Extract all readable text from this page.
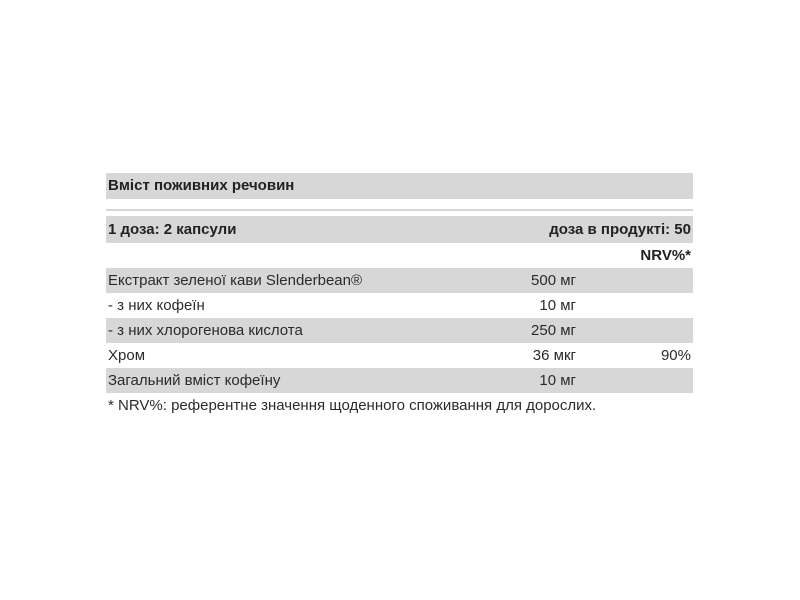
Вміст поживних речовин
1 доза: 2 капсули	доза в продукті: 50
NRV%*
Екстракт зеленої кави Slenderbean®	500 мг
- з них кофеїн	10 мг
- з них хлорогенова кислота	250 мг
Хром	36 мкг	90%
Загальний вміст кофеїну	10 мг
* NRV%: референтне значення щоденного споживання для дорослих.
